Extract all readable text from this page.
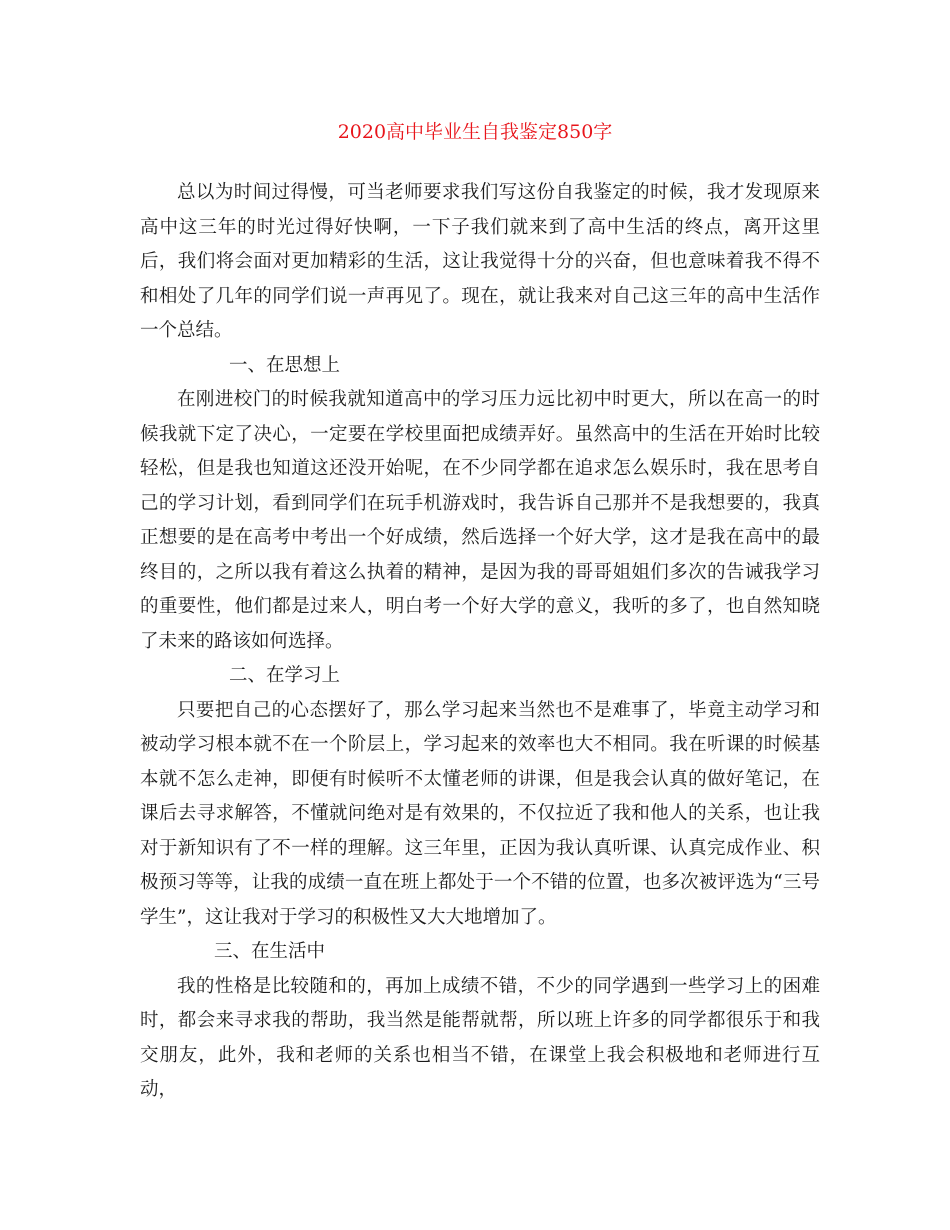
2020高中毕业生自我鉴定850字

总以为时间过得慢，可当老师要求我们写这份自我鉴定的时候，我才发现原来高中这三年的时光过得好快啊，一下子我们就来到了高中生活的终点，离开这里后，我们将会面对更加精彩的生活，这让我觉得十分的兴奋，但也意味着我不得不和相处了几年的同学们说一声再见了。现在，就让我来对自己这三年的高中生活作一个总结。

一、在思想上

在刚进校门的时候我就知道高中的学习压力远比初中时更大，所以在高一的时候我就下定了决心，一定要在学校里面把成绩弄好。虽然高中的生活在开始时比较轻松，但是我也知道这还没开始呢，在不少同学都在追求怎么娱乐时，我在思考自己的学习计划，看到同学们在玩手机游戏时，我告诉自己那并不是我想要的，我真正想要的是在高考中考出一个好成绩，然后选择一个好大学，这才是我在高中的最终目的，之所以我有着这么执着的精神，是因为我的哥哥姐姐们多次的告诫我学习的重要性，他们都是过来人，明白考一个好大学的意义，我听的多了，也自然知晓了未来的路该如何选择。

二、在学习上

只要把自己的心态摆好了，那么学习起来当然也不是难事了，毕竟主动学习和被动学习根本就不在一个阶层上，学习起来的效率也大不相同。我在听课的时候基本就不怎么走神，即便有时候听不太懂老师的讲课，但是我会认真的做好笔记，在课后去寻求解答，不懂就问绝对是有效果的，不仅拉近了我和他人的关系，也让我对于新知识有了不一样的理解。这三年里，正因为我认真听课、认真完成作业、积极预习等等，让我的成绩一直在班上都处于一个不错的位置，也多次被评选为“三号学生”，这让我对于学习的积极性又大大地增加了。

三、在生活中

我的性格是比较随和的，再加上成绩不错，不少的同学遇到一些学习上的困难时，都会来寻求我的帮助，我当然是能帮就帮，所以班上许多的同学都很乐于和我交朋友，此外，我和老师的关系也相当不错，在课堂上我会积极地和老师进行互动，
